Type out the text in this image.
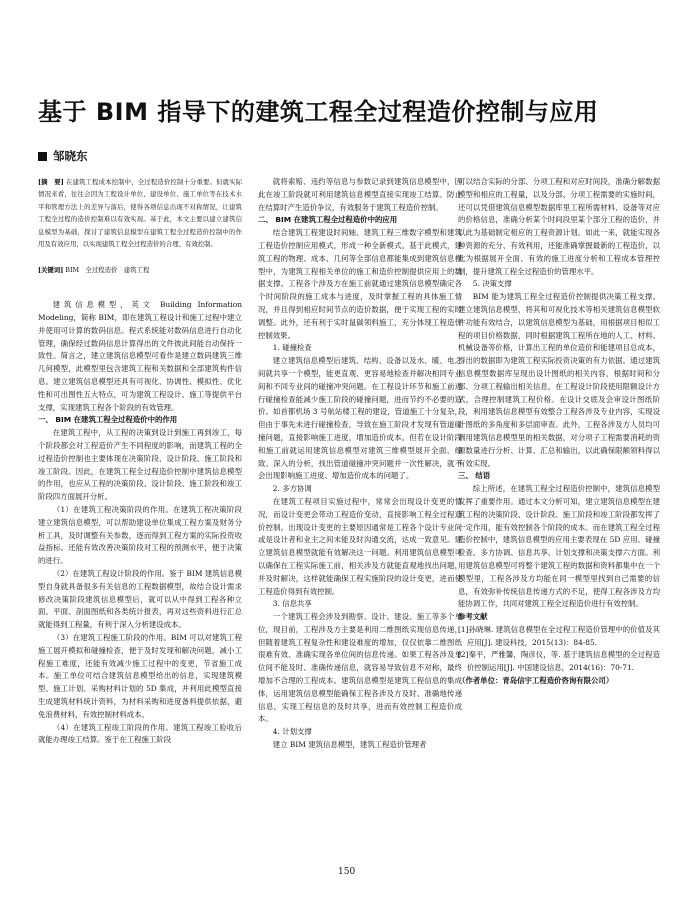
基于 BIM 指导下的建筑工程全过程造价控制与应用
邹晓东

[摘　要] 在建筑工程成本控制中，全过程造价控制十分重要。但就实际情况来看，往往会因为工程设计单位、建设单位、施工单位等在技术水平和管理方法上的差异与落后，使得各项信息出现不对称情况，让建筑工程全过程的造价控制难以有效实现。基于此，本文主要以建立建筑信息模型为基础，探讨了建筑信息模型在建筑工程全过程造价控制中的作用及有效应用，以实现建筑工程全过程造价的合理、有效控制。

[关键词] BIM　全过程造价　建筑工程

建筑信息模型，英文 Building Information Modeling，简称 BIM，即在建筑工程设计和施工过程中建立并使用可计算的数码信息。程式系统能对数码信息进行自动化管理，确保经过数码信息计算得出的文件彼此间能自动保持一致性。简言之，建立建筑信息模型可看作是建立数码建筑三维几何模型，此模型里包含建筑工程和关数据和全部建筑构件信息。建立建筑信息模型还具有可视化、协调性、模拟性、优化性和可出图性五大特点，可为建筑工程设计、施工等提供平台支撑，实现建筑工程各个阶段的有效管理。

一、 BIM 在建筑工程全过程造价中的作用

在建筑工程中，从工程的决策到设计到施工再到竣工，每个阶段都会对工程造价产生不同程度的影响，而建筑工程的全过程造价控制也主要体现在决策阶段、设计阶段、施工阶段和竣工阶段。因此，在建筑工程全过程造价控制中建筑信息模型的作用，也应从工程的决策阶段、设计阶段、施工阶段和竣工阶段四方面展开分析。

（1）在建筑工程决策阶段的作用。在建筑工程决策阶段建立建筑信息模型，可以帮助建设单位集成工程方案及财务分析工具，及时调整有关参数，逐而得到工程方案的实际投资收益指标。还能有效改善决策阶段对工程的预测水平，便于决策的进行。

（2）在建筑工程设计阶段的作用。鉴于 BIM 建筑信息模型自身就具备很多有关信息的工程数据模型，故结合设计需求修改决策阶段建筑信息模型后，就可以从中得到工程各种立面、平面、剖面图纸和各类统计报表，再对这些资料进行汇总就能得到工程量，有利于深入分析建设成本。

（3）在建筑工程施工阶段的作用。BIM 可以对建筑工程施工展开模拟和碰撞检查，便于及时发现和解决问题，减小工程施工难度，还能有效减少施工过程中的变更，节省施工成本。施工单位可结合建筑信息模型给出的信息，实现建筑模型、施工计划、采购材料计划的 5D 集成，并利用此模型直接生成建筑材料统计资料，为材料采购和进度备料提供依据，避免浪费材料，有效控制材料成本。

（4）在建筑工程竣工阶段的作用。建筑工程竣工验收后就能办理竣工结算。鉴于在工程施工阶段

就将索赔、违约等信息与参数记录到建筑信息模型中，因此在竣工阶段就可利用建筑信息模型直接实现竣工结算。防止在结算时产生造价争议，有效服务于建筑工程造价控制。

二、 BIM 在建筑工程全过程造价中的应用

结合建筑工程建设时间轴、建筑工程三维数字模型和建筑工程造价控制应用模式，形成一种全新模式。基于此模式，建筑工程的物理、成本、几何等全部信息都能集成到建筑信息模型中，为建筑工程相关单位的施工和造价控制提供应用上的数据支撑。工程各个涉及方在施工前就通过建筑信息模型确定各个时间阶段的施工成本与进度，及时掌握工程的具体施工情况，并且得到相应时间节点的造价数据，便于实现工程的实时调整。此外，还有利于实时鼠碳领料施工，充分体现工程造价控制效果。

1. 碰撞检查

建立建筑信息模型后建筑、结构、设备以及水、暖、电之间就共享一个模型，能更直观、更容易地检查并解决相同专业间和不同专业间的碰撞冲突问题。在工程设计环节和施工前进行碰撞检查能减少施工阶段的碰撞问题，进而节约不必要的造价。如首都机场 3 号航站楼工程的建设，管道施工十分复杂，但由于事先未进行碰撞检查，导致在施工阶段才发现有管道碰撞问题，直接影响施工进度，增加造价成本。但若在设计阶段和施工前就运用建筑信息模型对建筑三维模型展开全面、细致、深入的分析，找出管道碰撞冲突问题并一次性解决，就不会出现影响施工进度、增加造价成本的问题了。

2. 多方协调

在建筑工程项目实施过程中，常常会出现设计变更的情况，而设计变更会带动工程造价变动，直接影响工程全过程造价控制。出现设计变更的主要原因通常是工程各个设计专业间或是设计者和业主之间未能及时沟通交流，达成一致意见。建立建筑信息模型就能有效解决这一问题。利用建筑信息模型可以确保在工程实际施工前，相关涉及方就能直观地找出问题，并及时解决，这样就能确保工程实施阶段的设计变更，进而使工程造价得到有效控制。

3. 信息共享

一个建筑工程会涉及到勘察、设计、建设、施工等多个单位，现目前，工程涉及方主要是利用二维图纸实现信息传递，但随着建筑工程复杂性和建设难度的增加，仅仅依靠二维图纸很难有效、准确实现各单位间的信息传递。如果工程各涉及单位间不能及时、准确传递信息，就容易导致信息不对称，最终增加不合理的工程成本。建筑信息模型是建筑工程信息的集成体，运用建筑信息模型能确保工程各涉及方及时、准确地传递信息，实现工程信息的及时共享，进而有效控制工程造价成本。

4. 计划支撑

建立 BIM 建筑信息模型，建筑工程造价管理者

可以结合实际的分部、分项工程和对应时间段，准确分解数据模型和相应的工程量，以及分部、分项工程需要的实施时间，还可以凭借建筑信息模型数据库里工程所需材料、设备等对应的价格信息，准确分析某个时间段里某个部分工程的造价，并以此为基础制定相应的工程资源计划。如此一来，就能实现各种资源的充分、有效利用，还能准确掌握最新的工程造价，以此为根据展开全面、有效的施工进度分析和工程成本管理控制，提升建筑工程全过程造价的管理水平。

5. 决策支撑

BIM 能为建筑工程全过程造价控制提供决策工程支撑。建立建筑信息模型，将其和可视化技术等相关建筑信息模型软件功能有效结合，以建筑信息模型为基础，用根据项目相似工程的项目价格数据，同时根据建筑工程所在地的人工、材料、机械设备等价格，计算出工程的单位造价和能建项目总成本，得出的数据即为建筑工程实际投资决策的有力依据。通过建筑信息模型数据库呈现出设计图纸的相关内容，根据时间和分部、分项工程输出相关信息，在工程设计阶段使用限额设计方式，合理控制建筑工程价格。在设计交底及会审设计图纸阶段，利用建筑信息模型有效整合工程各涉及专业内容，实现设计图纸的多角度和多层面审查。此外，工程各涉及方人员均可调用建筑信息模型里的相关数据，对分项子工程需要消耗的资源数量进行分析、计算、汇总和输出，以此确保限额领料得以有效实现。

三、 结语

综上所述，在建筑工程全过程造价控制中，建筑信息模型发挥了重要作用。通过本文分析可知，建立建筑信息模型在建筑工程的决策阶段、设计阶段、施工阶段和竣工阶段都发挥了一定作用，能有效控制各个阶段的成本。而在建筑工程全过程造价控制中，建筑信息模型的应用主要表现在 5D 应用、碰撞检查、多方协调、信息共享、计划支撑和决策支撑六方面。利用建筑信息模型可将整个建筑工程的数据和资料都集中在一个模型里，工程各涉及方均能在同一模型里找到自己需要的信息，有效弥补传统信息传递方式的不足，使得工程各涉及方均能协调工作，共同对建筑工程全过程造价进行有效控制。

参考文献

[1]孙晓琳. 建筑信息模型在全过程工程造价管理中的价值及其应用[J]. 建设科技，2015(13)：84-85.

[2]秦平，严雅馨，陶彦仪，等. 基于建筑信息模型的全过程造价控制运用[J]. 中国建设信息，2014(16)：70-71.

（作者单位：青岛信宇工程造价咨询有限公司）

150
